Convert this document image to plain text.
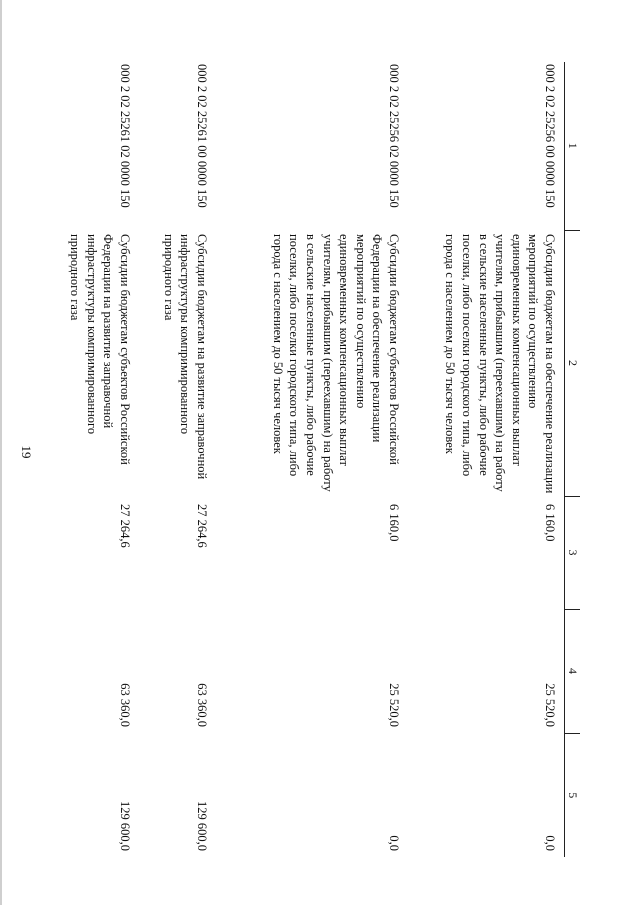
19
1	2	3	4	5
000 2 02 25256 00 0000 150	Субсидии бюджетам на обеспечение реализации мероприятий по осуществлению единовременных компенсационных выплат учителям, прибывшим (переехавшим) на работу в сельские населенные пункты, либо рабочие поселки, либо поселки городского типа, либо города с населением до 50 тысяч человек	6 160,0	25 520,0	0,0
000 2 02 25256 02 0000 150	Субсидии бюджетам субъектов Российской Федерации на обеспечение реализации мероприятий по осуществлению единовременных компенсационных выплат учителям, прибывшим (переехавшим) на работу в сельские населенные пункты, либо рабочие поселки, либо поселки городского типа, либо города с населением до 50 тысяч человек	6 160,0	25 520,0	0,0
000 2 02 25261 00 0000 150	Субсидии бюджетам на развитие заправочной инфраструктуры компримированного природного газа	27 264,6	63 360,0	129 600,0
000 2 02 25261 02 0000 150	Субсидии бюджетам субъектов Российской Федерации на развитие заправочной инфраструктуры компримированного природного газа	27 264,6	63 360,0	129 600,0
